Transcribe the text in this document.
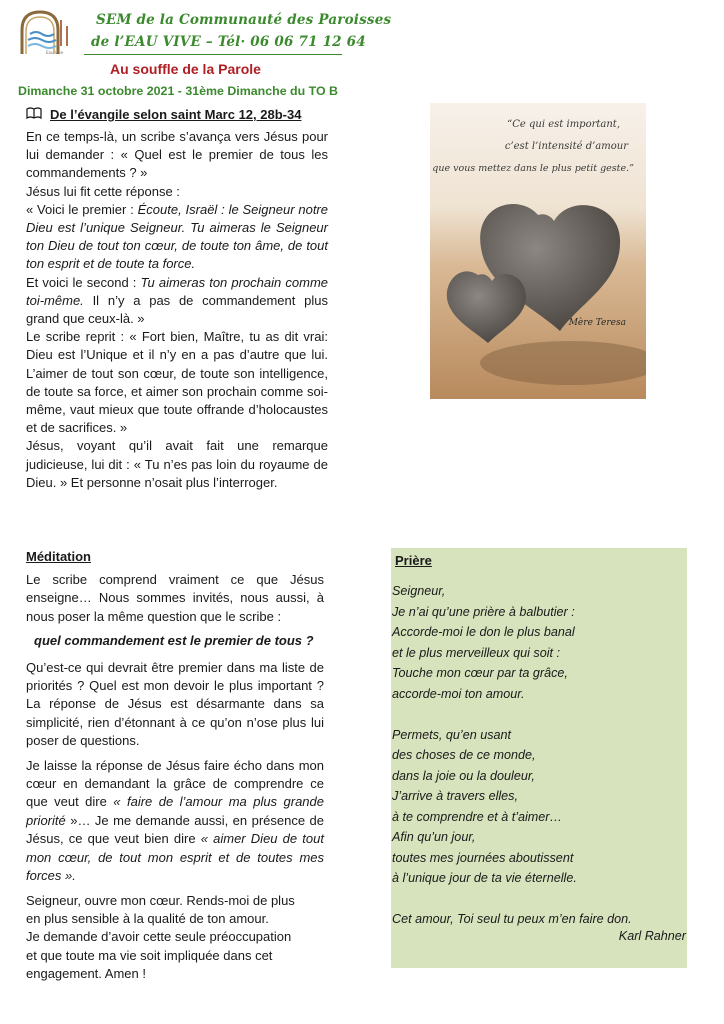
Eau Vive
SEM de la Communauté des Paroisses
de l’EAU VIVE – Tél· 06 06 71 12 64
Au souffle de la Parole
Dimanche 31 octobre 2021 - 31ème Dimanche du TO B
De l’évangile selon saint Marc 12, 28b-34

En ce temps-là, un scribe s’avança vers Jésus pour lui demander : « Quel est le premier de tous les commandements ? »

Jésus lui fit cette réponse :

« Voici le premier : Écoute, Israël : le Seigneur notre Dieu est l’unique Seigneur. Tu aimeras le Seigneur ton Dieu de tout ton cœur, de toute ton âme, de tout ton esprit et de toute ta force.

Et voici le second : Tu aimeras ton prochain comme toi-même. Il n’y a pas de commandement plus grand que ceux-là. »

Le scribe reprit : « Fort bien, Maître, tu as dit vrai: Dieu est l’Unique et il n’y en a pas d’autre que lui. L’aimer de tout son cœur, de toute son intelligence, de toute sa force, et aimer son prochain comme soi-même, vaut mieux que toute offrande d’holocaustes et de sacrifices. »

Jésus, voyant qu’il avait fait une remarque judicieuse, lui dit : « Tu n’es pas loin du royaume de Dieu. » Et personne n’osait plus l’interroger.

“Ce qui est important,
c’est l’intensité d’amour
que vous mettez dans le plus petit geste.”
Mère Teresa
Méditation

Le scribe comprend vraiment ce que Jésus enseigne… Nous sommes invités, nous aussi, à nous poser la même question que le scribe :

quel commandement est le premier de tous ?

Qu’est-ce qui devrait être premier dans ma liste de priorités ? Quel est mon devoir le plus important ? La réponse de Jésus est désarmante dans sa simplicité, rien d’étonnant à ce qu’on n’ose plus lui poser de questions.

Je laisse la réponse de Jésus faire écho dans mon cœur en demandant la grâce de comprendre ce que veut dire « faire de l’amour ma plus grande priorité »… Je me demande aussi, en présence de Jésus, ce que veut bien dire « aimer Dieu de tout mon cœur, de tout mon esprit et de toutes mes forces ».

Seigneur, ouvre mon cœur. Rends-moi de plus

en plus sensible à la qualité de ton amour.

Je demande d’avoir cette seule préoccupation

et que toute ma vie soit impliquée dans cet

engagement. Amen !

Prière
Seigneur,
Je n’ai qu’une prière à balbutier :
Accorde-moi le don le plus banal
et le plus merveilleux qui soit :
Touche mon cœur par ta grâce,
accorde-moi ton amour.
Permets, qu’en usant
des choses de ce monde,
dans la joie ou la douleur,
J’arrive à travers elles,
à te comprendre et à t’aimer…
Afin qu’un jour,
toutes mes journées aboutissent
à l’unique jour de ta vie éternelle.
Cet amour, Toi seul tu peux m’en faire don.
Karl Rahner
